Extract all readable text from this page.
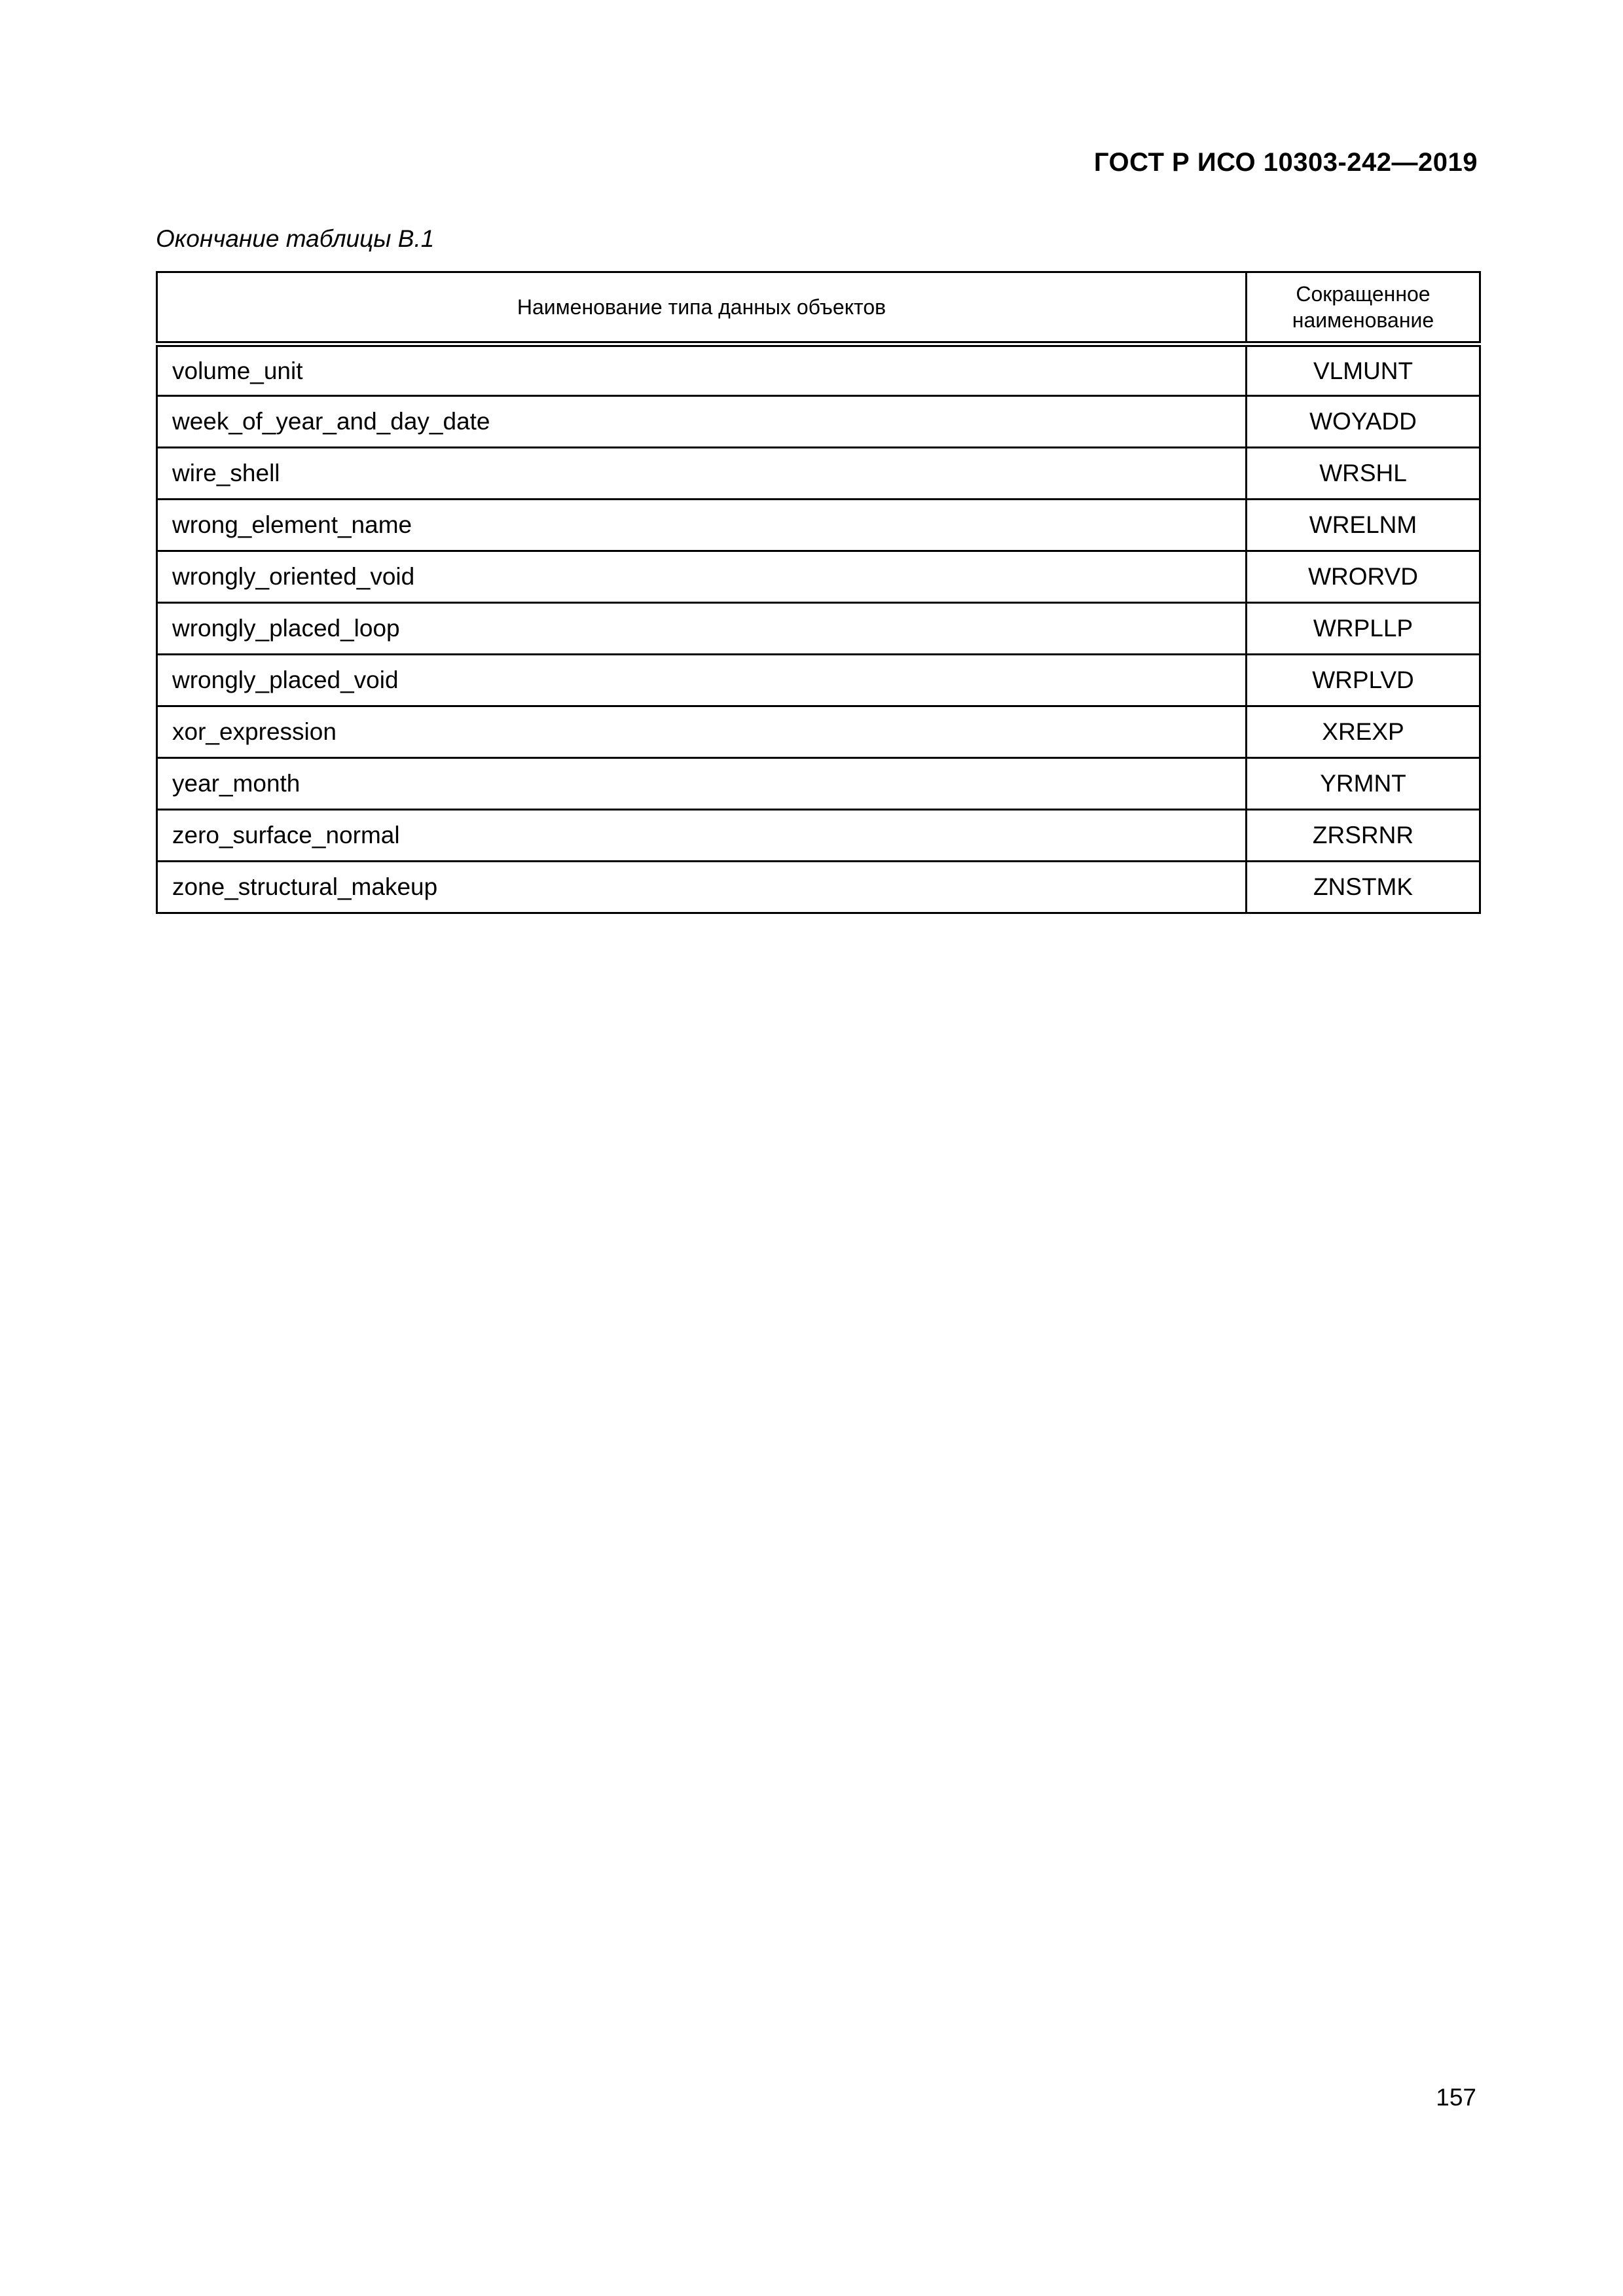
ГОСТ Р ИСО 10303-242—2019
Окончание таблицы В.1
Наименование типа данных объектов	Сокращенное
наименование
volume_unit	VLMUNT
week_of_year_and_day_date	WOYADD
wire_shell	WRSHL
wrong_element_name	WRELNM
wrongly_oriented_void	WRORVD
wrongly_placed_loop	WRPLLP
wrongly_placed_void	WRPLVD
xor_expression	XREXP
year_month	YRMNT
zero_surface_normal	ZRSRNR
zone_structural_makeup	ZNSTMK
157
